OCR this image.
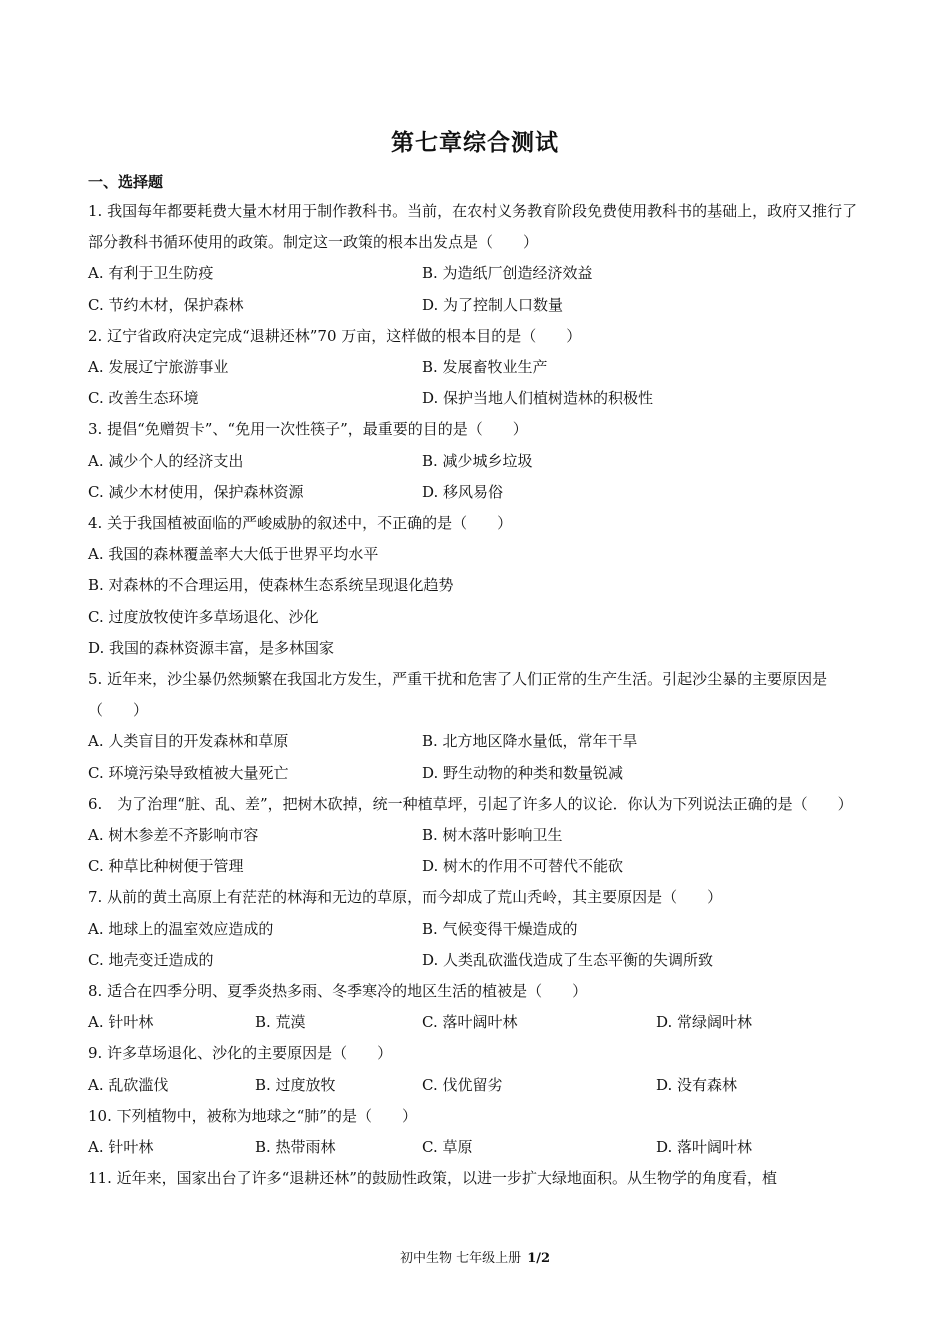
第七章综合测试
一、选择题

1. 我国每年都要耗费大量木材用于制作教科书。当前，在农村义务教育阶段免费使用教科书的基础上，政府又推行了部分教科书循环使用的政策。制定这一政策的根本出发点是（　　）

A. 有利于卫生防疫	B. 为造纸厂创造经济效益
C. 节约木材，保护森林	D. 为了控制人口数量

2. 辽宁省政府决定完成“退耕还林”70 万亩，这样做的根本目的是（　　）

A. 发展辽宁旅游事业	B. 发展畜牧业生产
C. 改善生态环境	D. 保护当地人们植树造林的积极性

3. 提倡“免赠贺卡”、“免用一次性筷子”，最重要的目的是（　　）

A. 减少个人的经济支出	B. 减少城乡垃圾
C. 减少木材使用，保护森林资源	D. 移风易俗

4. 关于我国植被面临的严峻威胁的叙述中，不正确的是（　　）

A. 我国的森林覆盖率大大低于世界平均水平
B. 对森林的不合理运用，使森林生态系统呈现退化趋势
C. 过度放牧使许多草场退化、沙化
D. 我国的森林资源丰富，是多林国家

5. 近年来，沙尘暴仍然频繁在我国北方发生，严重干扰和危害了人们正常的生产生活。引起沙尘暴的主要原因是（　　）

A. 人类盲目的开发森林和草原	B. 北方地区降水量低，常年干旱
C. 环境污染导致植被大量死亡	D. 野生动物的种类和数量锐减

6.　为了治理“脏、乱、差”，把树木砍掉，统一种植草坪，引起了许多人的议论．你认为下列说法正确的是（　　）

A. 树木参差不齐影响市容	B. 树木落叶影响卫生
C. 种草比种树便于管理	D. 树木的作用不可替代不能砍

7. 从前的黄土高原上有茫茫的林海和无边的草原，而今却成了荒山秃岭，其主要原因是（　　）

A. 地球上的温室效应造成的	B. 气候变得干燥造成的
C. 地壳变迁造成的	D. 人类乱砍滥伐造成了生态平衡的失调所致

8. 适合在四季分明、夏季炎热多雨、冬季寒冷的地区生活的植被是（　　）

A. 针叶林	B. 荒漠	C. 落叶阔叶林	D. 常绿阔叶林

9. 许多草场退化、沙化的主要原因是（　　）

A. 乱砍滥伐	B. 过度放牧	C. 伐优留劣	D. 没有森林

10. 下列植物中，被称为地球之“肺”的是（　　）

A. 针叶林	B. 热带雨林	C. 草原	D. 落叶阔叶林

11. 近年来，国家出台了许多“退耕还林”的鼓励性政策，以进一步扩大绿地面积。从生物学的角度看，植

初中生物 七年级上册 1/2
